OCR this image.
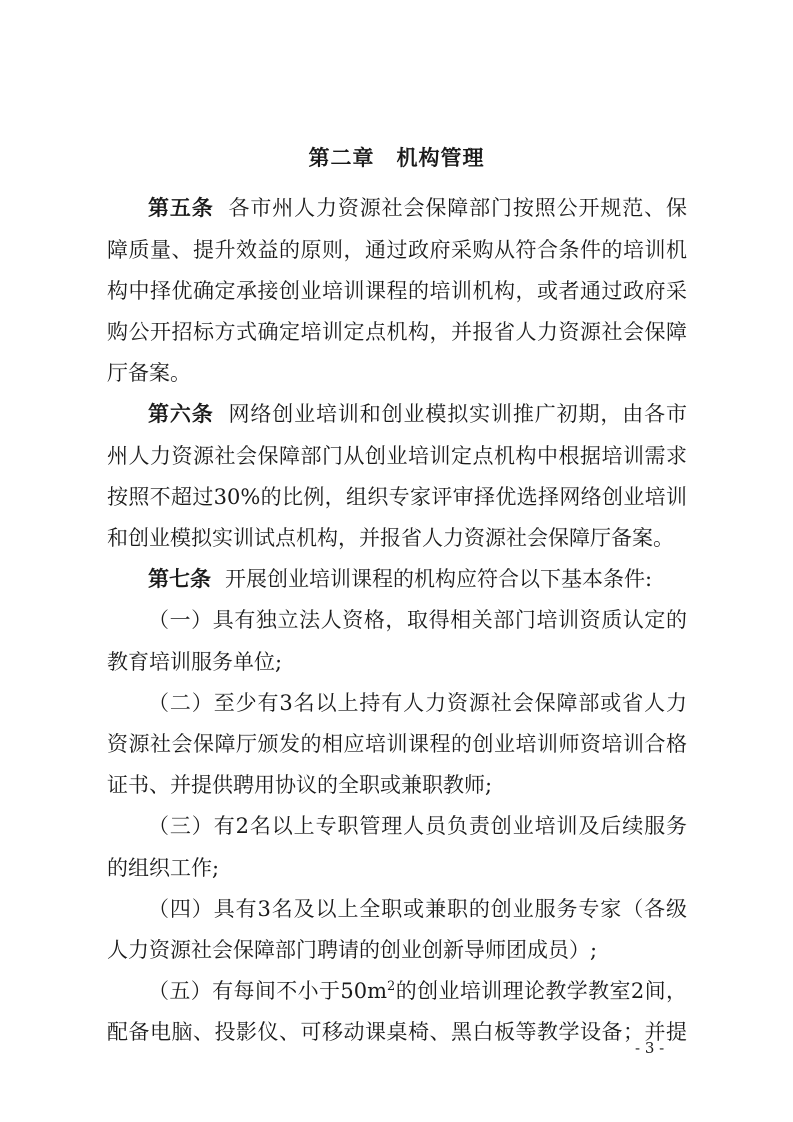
第二章 机构管理
第五条 各市州人力资源社会保障部门按照公开规范、保
障质量、提升效益的原则，通过政府采购从符合条件的培训机
构中择优确定承接创业培训课程的培训机构，或者通过政府采
购公开招标方式确定培训定点机构，并报省人力资源社会保障
厅备案。
第六条 网络创业培训和创业模拟实训推广初期，由各市
州人力资源社会保障部门从创业培训定点机构中根据培训需求
按照不超过30%的比例，组织专家评审择优选择网络创业培训
和创业模拟实训试点机构，并报省人力资源社会保障厅备案。
第七条 开展创业培训课程的机构应符合以下基本条件:
（一）具有独立法人资格，取得相关部门培训资质认定的
教育培训服务单位;
（二）至少有3名以上持有人力资源社会保障部或省人力
资源社会保障厅颁发的相应培训课程的创业培训师资培训合格
证书、并提供聘用协议的全职或兼职教师;
（三）有2名以上专职管理人员负责创业培训及后续服务
的组织工作;
（四）具有3名及以上全职或兼职的创业服务专家（各级
人力资源社会保障部门聘请的创业创新导师团成员）;
（五）有每间不小于$50m^2$的创业培训理论教学教室2间，
配备电脑、投影仪、可移动课桌椅、黑白板等教学设备；并提
- 3 -
